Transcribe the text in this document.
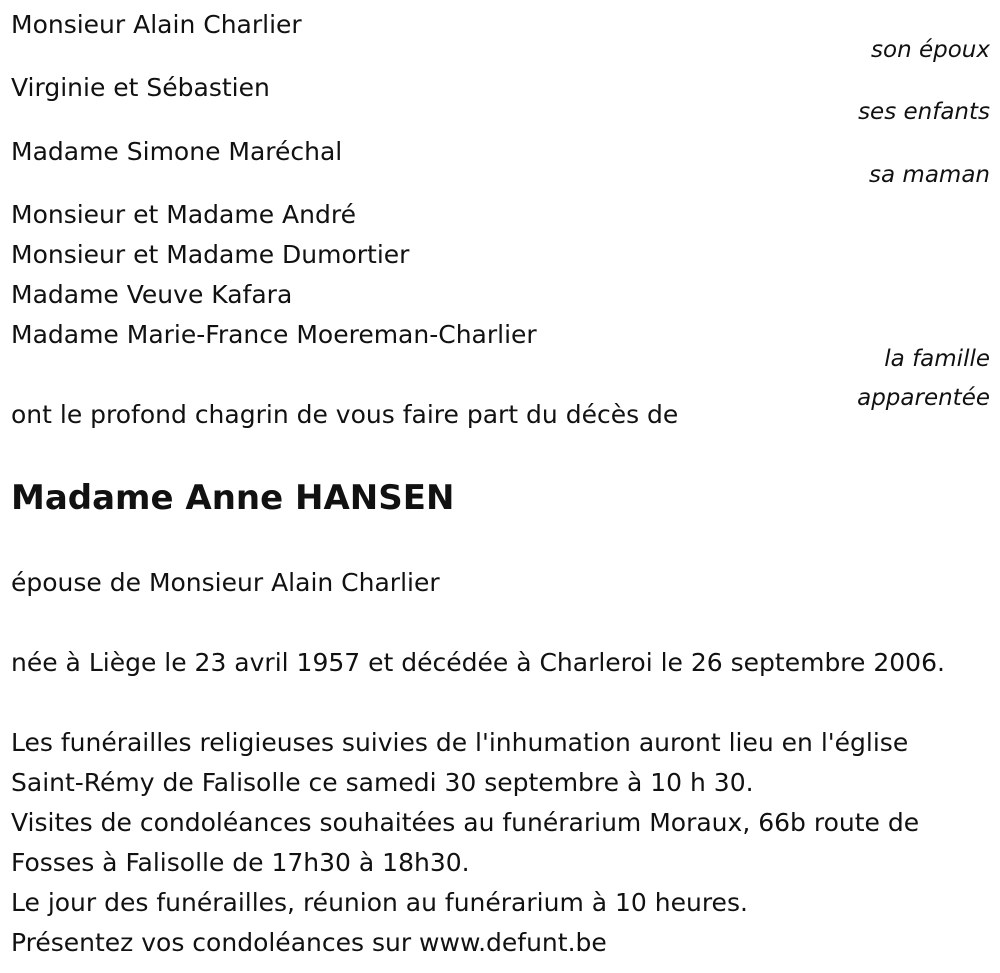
Monsieur Alain Charlier
son époux
Virginie et Sébastien
ses enfants
Madame Simone Maréchal
sa maman
Monsieur et Madame André
Monsieur et Madame Dumortier
Madame Veuve Kafara
Madame Marie-France Moereman-Charlier
la famille
apparentée
ont le profond chagrin de vous faire part du décès de
Madame Anne HANSEN
épouse de Monsieur Alain Charlier
née à Liège le 23 avril 1957 et décédée à Charleroi le 26 septembre 2006.
Les funérailles religieuses suivies de l'inhumation auront lieu en l'église
Saint-Rémy de Falisolle ce samedi 30 septembre à 10 h 30.
Visites de condoléances souhaitées au funérarium Moraux, 66b route de
Fosses à Falisolle de 17h30 à 18h30.
Le jour des funérailles, réunion au funérarium à 10 heures.
Présentez vos condoléances sur www.defunt.be
